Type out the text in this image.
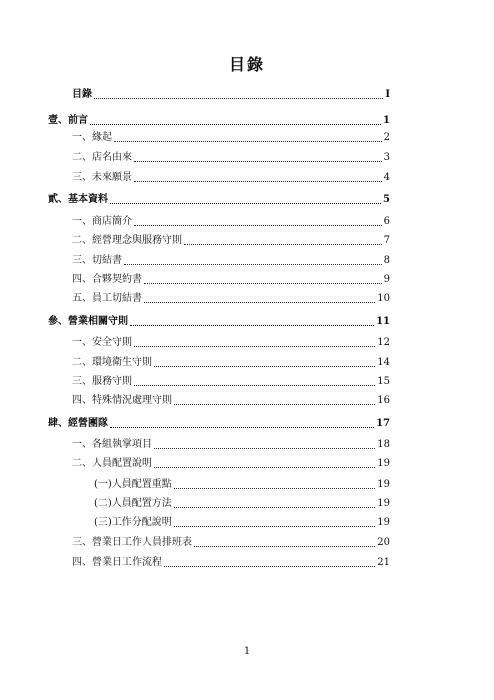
目錄
目錄	I
壹、前言	1
一、緣起	2
二、店名由來	3
三、未來願景	4
貳、基本資料	5
一、商店簡介	6
二、經營理念與服務守則	7
三、切結書	8
四、合夥契約書	9
五、員工切結書	10
參、營業相關守則	11
一、安全守則	12
二、環境衛生守則	14
三、服務守則	15
四、特殊情況處理守則	16
肆、經營團隊	17
一、各組執掌項目	18
二、人員配置說明	19
(一)人員配置重點	19
(二)人員配置方法	19
(三)工作分配說明	19
三、營業日工作人員排班表	20
四、營業日工作流程	21
1
